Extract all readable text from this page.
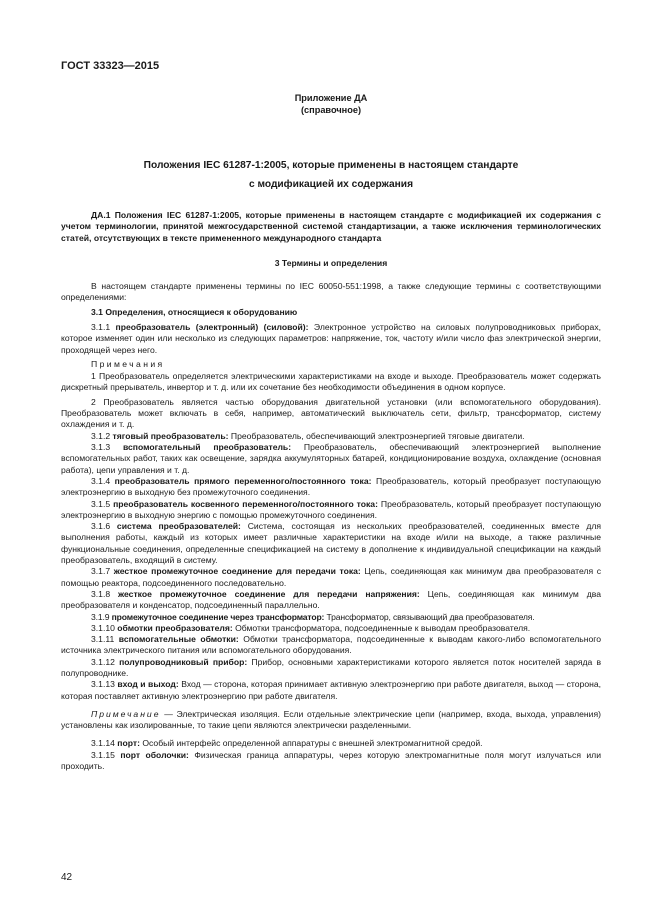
ГОСТ 33323—2015
Приложение ДА
(справочное)
Положения IEC 61287-1:2005, которые применены в настоящем стандарте
с модификацией их содержания

ДА.1 Положения IEC 61287-1:2005, которые применены в настоящем стандарте с модификацией их содержания с учетом терминологии, принятой межгосударственной системой стандартизации, а также исключения терминологических статей, отсутствующих в тексте примененного международного стандарта

3 Термины и определения

В настоящем стандарте применены термины по IEC 60050-551:1998, а также следующие термины с соответствующими определениями:

3.1 Определения, относящиеся к оборудованию

3.1.1 преобразователь (электронный) (силовой): Электронное устройство на силовых полупроводниковых приборах, которое изменяет один или несколько из следующих параметров: напряжение, ток, частоту и/или число фаз электрической энергии, проходящей через него.

Примечания

1 Преобразователь определяется электрическими характеристиками на входе и выходе. Преобразователь может содержать дискретный прерыватель, инвертор и т. д. или их сочетание без необходимости объединения в одном корпусе.

2 Преобразователь является частью оборудования двигательной установки (или вспомогательного оборудования). Преобразователь может включать в себя, например, автоматический выключатель сети, фильтр, трансформатор, систему охлаждения и т. д.

3.1.2 тяговый преобразователь: Преобразователь, обеспечивающий электроэнергией тяговые двигатели.

3.1.3 вспомогательный преобразователь: Преобразователь, обеспечивающий электроэнергией выполнение вспомогательных работ, таких как освещение, зарядка аккумуляторных батарей, кондиционирование воздуха, охлаждение (основная работа), цепи управления и т. д.

3.1.4 преобразователь прямого переменного/постоянного тока: Преобразователь, который преобразует поступающую электроэнергию в выходную без промежуточного соединения.

3.1.5 преобразователь косвенного переменного/постоянного тока: Преобразователь, который преобразует поступающую электроэнергию в выходную энергию с помощью промежуточного соединения.

3.1.6 система преобразователей: Система, состоящая из нескольких преобразователей, соединенных вместе для выполнения работы, каждый из которых имеет различные характеристики на входе и/или на выходе, а также различные функциональные соединения, определенные спецификацией на систему в дополнение к индивидуальной спецификации на каждый преобразователь, входящий в систему.

3.1.7 жесткое промежуточное соединение для передачи тока: Цепь, соединяющая как минимум два преобразователя с помощью реактора, подсоединенного последовательно.

3.1.8 жесткое промежуточное соединение для передачи напряжения: Цепь, соединяющая как минимум два преобразователя и конденсатор, подсоединенный параллельно.

3.1.9 промежуточное соединение через трансформатор: Трансформатор, связывающий два преобразователя.

3.1.10 обмотки преобразователя: Обмотки трансформатора, подсоединенные к выводам преобразователя.

3.1.11 вспомогательные обмотки: Обмотки трансформатора, подсоединенные к выводам какого-либо вспомогательного источника электрического питания или вспомогательного оборудования.

3.1.12 полупроводниковый прибор: Прибор, основными характеристиками которого является поток носителей заряда в полупроводнике.

3.1.13 вход и выход: Вход — сторона, которая принимает активную электроэнергию при работе двигателя, выход — сторона, которая поставляет активную электроэнергию при работе двигателя.

Примечание — Электрическая изоляция. Если отдельные электрические цепи (например, входа, выхода, управления) установлены как изолированные, то такие цепи являются электрически разделенными.

3.1.14 порт: Особый интерфейс определенной аппаратуры с внешней электромагнитной средой.

3.1.15 порт оболочки: Физическая граница аппаратуры, через которую электромагнитные поля могут излучаться или проходить.

42
